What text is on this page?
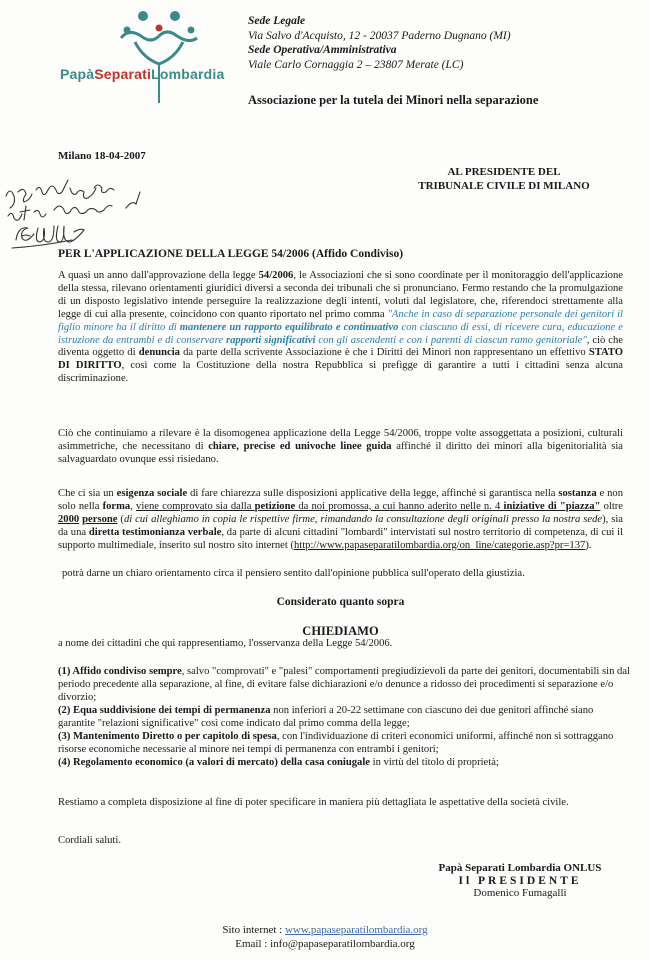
PapàSeparatiLombardia
Sede Legale
Via Salvo d'Acquisto, 12 - 20037 Paderno Dugnano (MI)
Sede Operativa/Amministrativa
Viale Carlo Cornaggia 2 – 23807 Merate (LC)
Associazione per la tutela dei Minori nella separazione
Milano 18-04-2007
AL PRESIDENTE DEL
TRIBUNALE CIVILE DI MILANO
PER L'APPLICAZIONE DELLA LEGGE 54/2006 (Affido Condiviso)
A quasi un anno dall'approvazione della legge 54/2006, le Associazioni che si sono coordinate per il monitoraggio dell'applicazione della stessa, rilevano orientamenti giuridici diversi a seconda dei tribunali che si pronunciano. Fermo restando che la promulgazione di un disposto legislativo intende perseguire la realizzazione degli intenti, voluti dal legislatore, che, riferendoci strettamente alla legge di cui alla presente, coincidono con quanto riportato nel primo comma "Anche in caso di separazione personale dei genitori il figlio minore ha il diritto di mantenere un rapporto equilibrato e continuativo con ciascuno di essi, di ricevere cura, educazione e istruzione da entrambi e di conservare rapporti significativi con gli ascendenti e con i parenti di ciascun ramo genitoriale", ciò che diventa oggetto di denuncia da parte della scrivente Associazione è che i Diritti dei Minori non rappresentano un effettivo STATO DI DIRITTO, così come la Costituzione della nostra Repubblica si prefigge di garantire a tutti i cittadini senza alcuna discriminazione.
Ciò che continuiamo a rilevare è la disomogenea applicazione della Legge 54/2006, troppe volte assoggettata a posizioni, culturali asimmetriche, che necessitano di chiare, precise ed univoche linee guida affinché il diritto dei minori alla bigenitorialità sia salvaguardato ovunque essi risiedano.
Che ci sia un esigenza sociale di fare chiarezza sulle disposizioni applicative della legge, affinché si garantisca nella sostanza e non solo nella forma, viene comprovato sia dalla petizione da noi promossa, a cui hanno aderito nelle n. 4 iniziative di "piazza" oltre 2000 persone (di cui alleghiamo in copia le rispettive firme, rimandando la consultazione degli originali presso la nostra sede), sia da una diretta testimonianza verbale, da parte di alcuni cittadini "lombardi" intervistati sul nostro territorio di competenza, di cui il supporto multimediale, inserito sul nostro sito internet (http://www.papaseparatilombardia.org/on_line/categorie.asp?pr=137).
potrà darne un chiaro orientamento circa il pensiero sentito dall'opinione pubblica sull'operato della giustizia.
Considerato quanto sopra
CHIEDIAMO
a nome dei cittadini che qui rappresentiamo, l'osservanza della Legge 54/2006.
(1) Affido condiviso sempre, salvo "comprovati" e "palesi" comportamenti pregiudizievoli da parte dei genitori, documentabili sin dal periodo precedente alla separazione, al fine, di evitare false dichiarazioni e/o denunce a ridosso dei procedimenti si separazione e/o divorzio;
(2) Equa suddivisione dei tempi di permanenza non inferiori a 20-22 settimane con ciascuno dei due genitori affinché siano garantite "relazioni significative" così come indicato dal primo comma della legge;
(3) Mantenimento Diretto o per capitolo di spesa, con l'individuazione di criteri economici uniformi, affinché non si sottraggano risorse economiche necessarie al minore nei tempi di permanenza con entrambi i genitori;
(4) Regolamento economico (a valori di mercato) della casa coniugale in virtù del titolo di proprietà;
Restiamo a completa disposizione al fine di poter specificare in maniera più dettagliata le aspettative della società civile.
Cordiali saluti.
Papà Separati Lombardia ONLUS
Il PRESIDENTE
Domenico Fumagalli
Sito internet : www.papaseparatilombardia.org
Email : info@papaseparatilombardia.org
